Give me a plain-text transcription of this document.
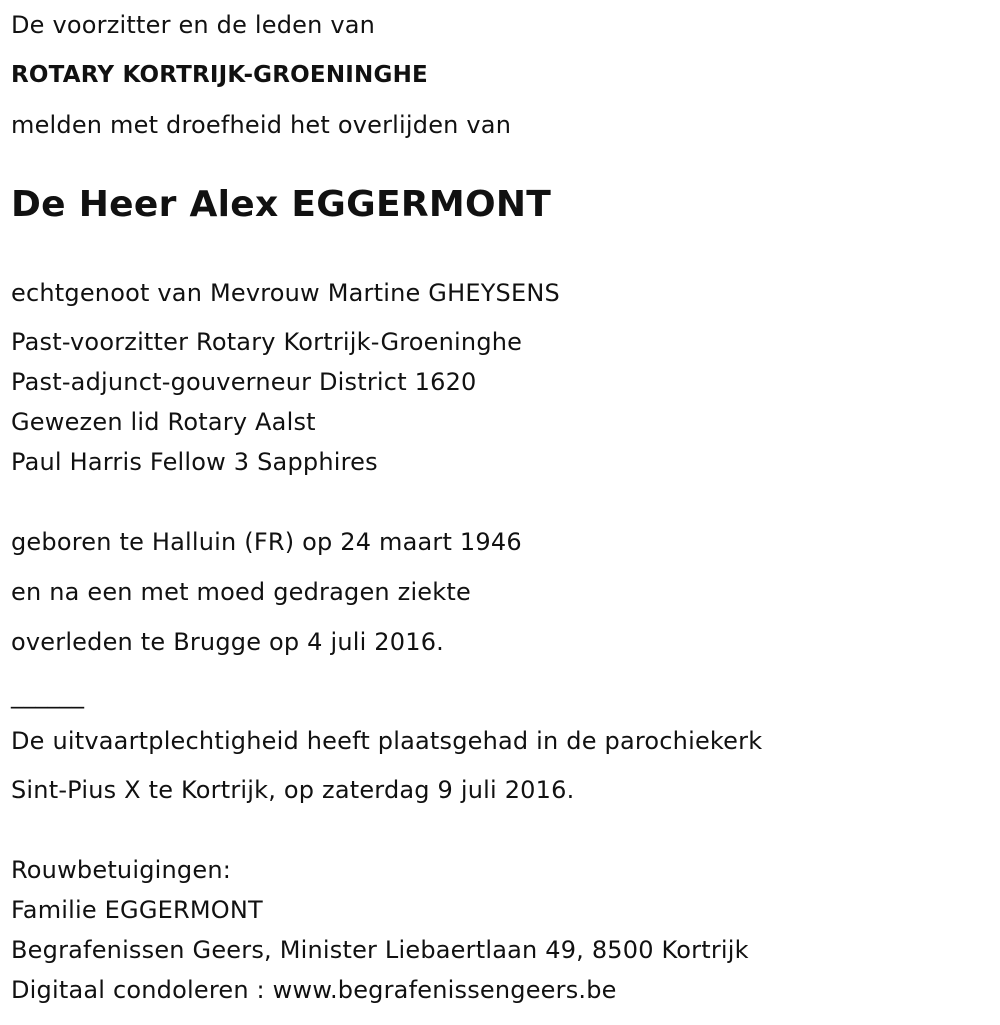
De voorzitter en de leden van
ROTARY KORTRIJK-GROENINGHE
melden met droefheid het overlijden van
De Heer Alex EGGERMONT
echtgenoot van Mevrouw Martine GHEYSENS
Past-voorzitter Rotary Kortrijk-Groeninghe
Past-adjunct-gouverneur District 1620
Gewezen lid Rotary Aalst
Paul Harris Fellow 3 Sapphires
geboren te Halluin (FR) op 24 maart 1946
en na een met moed gedragen ziekte
overleden te Brugge op 4 juli 2016.
______
De uitvaartplechtigheid heeft plaatsgehad in de parochiekerk
Sint-Pius X te Kortrijk, op zaterdag 9 juli 2016.
Rouwbetuigingen:
Familie EGGERMONT
Begrafenissen Geers, Minister Liebaertlaan 49, 8500 Kortrijk
Digitaal condoleren : www.begrafenissengeers.be
